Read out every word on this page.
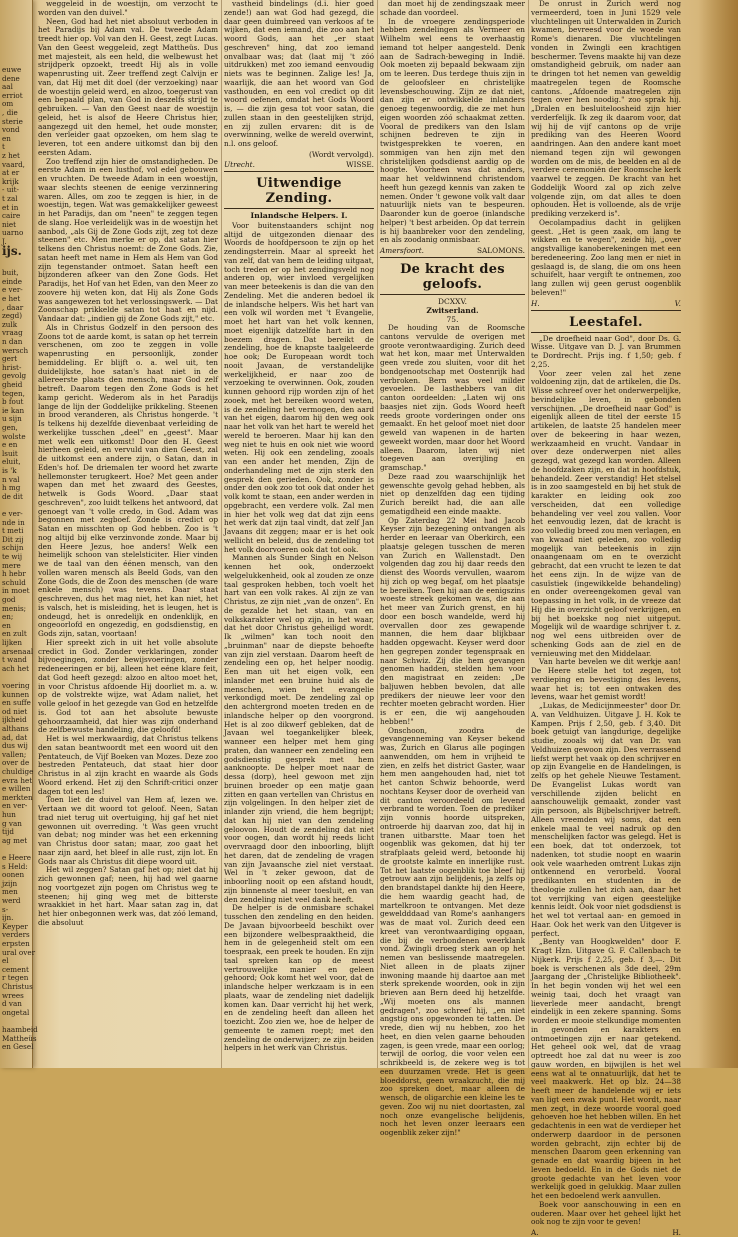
euwe
dene
aal
erriot
om
, die
sterie
vond
en
t
z het
vaard,
at er
krijk
- uit-
t zal
et in
caire
niet
uarno
J.
ijs.
buit,
einde
e ver-
e het
, daar
zegd)
zulk
vraag
n dan
wersch
gert
hrist-
gevolg
gheid
tegen,
b fout
ie kan
u sijn
gen,
wolste
e en
lsuit
eluit,
is 'k
n val
h mg
de dit
e ver-
nde in
t meti
Dit zij
schijn
te wij
mere
h hebr
schuld
in moet
god
menis;
en;
en
en zult
lijken
arsenaal
t wand
ach het
voering
kunnen
en suffe
od niet
ijkheid
althans
ad, dat
dus wij
vallen;
over de
chuldige
evra het
e willen
merkten
en ver-
hun
g van
tijd
ag met
e Heere
s Held:
oonen
jzijn
men
werd
s-
ijn.
Keyper
verders
erpsten
ural over
el
cement
r tegen
Christus
wrees
d van
ongetal
haambeid
Mattheüs
en Gesel

weggeleid in de woestijn, om verzocht te worden van den duivel."

Neen, God had het niet absoluut verboden in het Paradijs bij Adam val. De tweede Adam treedt hier op. Vol van den H. Geest, zegt Lucas. Van den Geest weggeleid, zegt Mattheüs. Dus met majesteit, als een held, die welbewust het strijdperk opzoekt, treedt Hij als in volle wapenrusting uit. Zeer treffend zegt Calvijn er van, dat Hij met dit doel (der verzoeking) naar de woestijn geleid werd, en alzoo, toegerust van een bepaald plan, van God in deszelfs strijd te gebruiken. — Van den Geest naar de woestijn geleid, het is alsof de Heere Christus hier, aangezegd uit den hemel, het oude monster, den verleider gaat opzoeken, om hem slag te leveren, tot een andere uitkomst dan bij den eersten Adam.

Zoo treffend zijn hier de omstandigheden. De eerste Adam in een lusthof, vol edel gebouwen en vruchten. De tweede Adam in een woestijn, waar slechts steenen de eenige verzinnering waren. Alles, om zoo te zeggen is hier, in de woestijn, tegen. Wat was gemakkelijker geweest in het Paradijs, dan om "neen" te zeggen tegen de slang. Hoe verleidelijk was in de woestijn het aanbod, „als Gij de Zone Gods zijt, zeg tot deze steenen" etc. Men merke er op, dat satan hier telkens den Christus noemt: de Zone Gods. Zie, satan heeft met name in Hem als Hem van God zijn tegenstander ontmoet. Satan heeft een bijzonderen afkeer van den Zone Gods. Het Paradijs, het Hof van het Eden, van den Meer zo zoovere hij weten kon, dat Hij als Zone Gods was aangewezen tot het verlossingswerk. — Dat Zoonschap prikkelde satan tot haat en nijd. Vandaar dat: „indien gij de Zone Gods zijt," etc.

Als in Christus Godzelf in den persoon des Zoons tot de aarde komt, is satan op het terrein verschenen, om zoo te zeggen in volle wapenrusting en persoonlijk, zonder bemiddeling. Er blijft o. a. wel uit, ten duidelijkste, hoe satan's haat niet in de allereerste plaats den mensch, maar God zelf betreft. Daarom tegen den Zone Gods is het kamp gericht. Wederom als in het Paradijs lange de lijn der Goddelijke prikkeling. Steenen in brood veranderen, als Christus hongerde. 't Is telkens hij dezelfde dievenbaat verleiding de werkelijke tusschen „deel" en „geest". Maar met welk een uitkomst! Door den H. Geest hierheen geleid, en vervuld van dien Geest, zal de uitkomst een andere zijn, o Satan, dan in Eden's hof. De driemalen ter woord het zwarte hellemonster terugkeert. Hoe? Met geen ander wapen dan met het zwaard des Geestes, hetwelk is Gods Woord. „Daar staat geschreven", zoo luidt telkens het antwoord, dat genoegt van 't volle credo, in God. Adam was begonnen met zegboef. Zonde is credict op Satan en misschten op God hebben. Zoo is 't nog altijd bij elke verzinvonde zonde. Maar bij den Heere Jezus, hoe anders! Welk een heimelijk schoon van stelelsticiter. Hier vinden we de taal van den éénen mensch, van den vollen waren mensch als Beeld Gods, van den Zone Gods, die de Zoon des menschen (de ware enkele mensch) was tevens. Daar staat geschreven, dus het mag niet, het kan niet, het is valsch, het is misleiding, het is leugen, het is ondeugd, het is onredelijk en ondenklijk, en ongeoorlofd en ongezedig, en godsdienstig, en Gods zijn, satan, voortaan!

Hier spreekt zich in uit het volle absolute credict in God. Zonder verklaringen, zonder bijvoegingen, zonder bewijsvoeringen, zonder redeneeringen er bij, alleen het eéne klare feit, dat God heeft gezegd: alzoo en altoo moet het, in voor Christus afdoende Hij doorliet m. a. w. op de volstrekte wijze, wat Adam naliet, het volle geloof in het gezegde van God en hetzelfde is. God tot aan het absolute bewuste gehoorzaamheid, dat hier was zijn onderhand de zelfbewuste handeling, die geloofd!

Het is wel merkwaardig, dat Christus telkens den satan beantwoordt met een woord uit den Pentateuch, de Vijf Boeken van Mozes. Deze zoo bestreden Pentateuch, dat staat hier door Christus in al zijn kracht en waarde als Gods Woord erkend. Het zij den Schrift-critici onzer dagen tot een les!

Toen liet de duivel van Hem af, lezen we. Vertaan we dit woord tot geloof. Neen, Satan trad niet terug uit overtuiging, hij gaf het niet gewonnen uit overreding. 't Was geen vrucht van debat; nog minder was het een erkenning van Christus door satan; maar, zoo gaat het naar zijn aard, het bleef in alle rust, zijn lot. En Gods naar als Christus dit diepe woord uit.

Het wil zeggen? Satan gaf het op; niet dat hij zich gewonnen gaf; neen, hij had wel gaarne nog voortgezet zijn pogen om Christus weg te steenen; hij ging weg met de bitterste wraakkiet in het hart. Maar satan zag in, dat het hier onbegonnen werk was, dat zóó lemand, die absoluut

vastheid bindelings (d.i. hier goed zende!) aan wat God had gezegd, die daar geen duimbreed van verkoos af te wijken, dat een iemand, die zoo aan het woord Gods, aan het „er staat geschreven" hing, dat zoo iemand onvalbaar was; dat (laat mij 't zóó uitdrukken) met zoo iemand eenvoudig niets was te beginnen. Zalige les! Ja, waarlijk, die aan het woord van God vasthouden, en een vol credict op dit woord oefenen, omdat het Gods Woord is, — die zijn gesa tot voor satan, die zullen staan in den geestelijken strijd, en zij zullen ervaren: dit is de overwinning, welke de wereld overwint, n.l. ons geloof.

(Wordt vervolgd).
Utrecht.	WISSE.
Uitwendige Zending.
Inlandsche Helpers. I.

Voor buitenstaanders schijnt nog altijd de uitgezonden dienaar des Woords de hoofdpersoon te zijn op het zendingsterrein. Maar al spreekt het van zelf, dat van hem de leiding uitgaat, toch treden er op het zendingsveld nog anderen op, wier invloed vergelijken van meer beteekenis is dan die van den Zendeling. Met die anderen bedoel ik de inlandsche helpers. Wis het hart van een volk wil worden met 't Evangelie, moet het hart van het volk kennen, moet eigenlijk datzelfde hart in den boezem dragen. Dat bereikt de zendeling, hoe de knapste taalgeleerde hoe ook; De Europeaan wordt toch nooit Javaan, de verstandelijke werkelijkheid, er naar zoo de verzoeking te overwinnen. Ook, zouden kunnen gehoord rijp worden zijn of het zooek, met het bereiken woord weten, is de zendeling het vermogen, den aard van het eigen, daarom hij den weg ook naar het volk van het hart te wereld het wereld te beroeren. Maar hij kan den weg niet te huis en ook niet wie woord weten. Hij ook een zendeling, zooals van een ander het menden, Zijn de onderhandeling met de zijn sterk den gesprek den gerieden. Ook, zonder is onder den ook zoo tot ook dat onder het volk komt te staan, een ander werden in opgebracht, een verdere volk. Zal men in hier het volk weg dat dat zijn eens het werk dat zijn taal vindt, dat zelf Jan Javaans dit zeggen; maar er is het ook wellicht en beleid, dus de zendeling tot het volk doorvoeren ook dat tot ook.

Mannen als Sunder Singh en Nelson kennen het ook, onderzoekt welgelukkenheid, ook al zouden ze onze taal gesproken hebben, toch voelt het hart van een volk rakes. Al zijn ze van Christus, ze zijn niet „van de onzen". En de gezalde het het staan, van en volkskarakter wel op zijn, in het waar, dat het door Christus geheiligd wordt. Ik „wilmen" kan toch nooit den „bruinman" naar de diepste behoefte van zijn ziel verstaan. Daarom heeft de zendeling een op, het helper noodig. Een man uit het eigen volk, een inlander met een bruine huid als de menschen, wien het evangelie verkondigd moet. De zendeling zal op den achtergrond moeten treden en de inlandsche helper op den voorgrond. Het is al zoo dikwerf gebleken, dat de Javaan wel toegankelijker bleek, wanneer een helper met hem ging praten, dan wanneer een zendeling een godsdienstig gesprek met hem aanknoopte. De helper moet naar de dessa (dorp), heel gewoon met zijn bruinen broeder op een matje gaan zitten en gaan vertellen van Christus en zijn volgelingen. In den helper ziet de inlander zijn vriend, die hem begrijpt; dat kan hij niet van den zendeling geloovon. Houdt de zendeling dat niet voor oogen, dan wordt hij reeds licht overvraagd door den inboorling, blijft het daren, dat de zendeling de vragen van zijn Javaansche ziel niet verstaat. Wel in 't zeker gewoon, dat de inboorling nooit op een afstand houdt, zijn binnenste al meer toesluit, en van den zendeling niet veel dank heeft.

De helper is de onmisbare schakel tusschen den zendeling en den heiden. De Javaan bijvoorbeeld beschikt over een bijzondere welbespraaktheid, die hem in de gelegenheid stelt om een toespraak, een preek te houden. En zijn taal spreken kan op de meest vertrouwelijke manier en geleen gehoord; Ook komt het wel voor, dat de inlandsche helper werkzaam is in een plaats, waar de zendeling niet dadelijk komen kan. Daar verricht hij het werk, en de zendeling heeft dan alleen het toezicht. Zoo zien we, hoe de helper de gemeente te zamen roept; met den zendeling de onderwijzer; ze zijn beiden helpers in het werk van Christus.

dan moet hij de zendingszaak meer schade dan voordeel.

In de vroegere zendingsperiode hebben zendelingen als Vermeer en Wilhelm wel eens te overhaastig iemand tot helper aangesteld. Denk aan de Sadrach-beweging in Indië. Ook moeten zij bepaald bekwaam zijn om te leeren. Dus terdege thuis zijn in de geloofsleer en christelijke levensbeschouwing. Zijn ze dat niet, dan zijn er ontwikkelde inlanders genoeg tegenwoordig, die ze met hun eigen woorden zóó schaakmat zetten. Vooral de predikers van den Islam schijnen bedreven te zijn in twistgesprekken te voeren, en sommigen van hen zijn met den christelijken godsdienst aardig op de hoogte. Voorheen was dat anders, maar het veldwinnend christendom heeft hun gezegd kennis van zaken te nemen. Onder 't gewone volk valt daar natuurlijk niets van te bespeuren. Daaronder kun de goeroe (inlandsche helper) 't best arbeiden. Op dat terrein is hij baanbreker voor den zendeling, en als zoodanig onmisbaar.

Amersfoort.	SALOMONS.
De kracht des geloofs.
DCXXV.
Zwitserland.
75.

De houding van de Roomsche cantons vervulde de overigen met groote verontwaardiging. Zurich deed wat het kon, maar met Unterwalden geen vrede zou sluiten, voor dit het bondgenootschap met Oostenrijk had verbroken. Bern was veel milder gevoelen. De lasthebbers van dit canton oordeelden: „Laten wij ons baasjes niet zijn. Gods Woord heeft reeds groote vorderingen onder ons gemaakt. En het geloof moet niet door geweld van wapenen in de harten geweekt worden, maar door het Woord alleen. Daarom, laten wij niet toegeven aan overijling en gramschap."

Deze raad zou waarschijnlijk het gewenschte gevolg gehad hebben, als niet op denzelfden dag een tijding Zurich bereikt had, die aan alle gematigdheid een einde maakte.

Op Zaterdag 22 Mei had Jacob Keyser zijn bezegening ontvangen als herder en leeraar van Oberkirch, een plaatsje gelegen tusschen de meren van Zurich en Wallenstadt. Den volgenden dag zou hij daar reeds den dienst des Woords vervullen, waarom hij zich op weg begaf, om het plaatsje te bereiken. Toen hij aan de eenigszins woeste streek gekomen was, die aan het meer van Zurich grenst, en hij door een bosch wandelde, werd hij overvallen door zes gewapende mannen, die hem daar blijkbaar hadden opgewacht. Keyser werd door hen gegrepen zonder tegenspraak en naar Schwiz. Zij die hem gevangen genomen hadden, stelden hem voor den magistraat en zeiden: „De baljuwen hebben bevolen, dat alle predikers der nieuwe leer voor den rechter moeten gebracht worden. Hier is er een, die wij aangehouden hebben!"

Onschoon, zoodra de gevangenneming van Keyser bekend was, Zurich en Glarus alle pogingen aanwendden, om hem in vrijheid te zien, en zelfs het district Gaster, waar hem men aangehouden had, niet tot het canton Schwiz behoorde, werd nochtans Keyser door de overheid van dit canton veroordeeld om levend verbrand te worden. Toen de prediker zijn vonnis hoorde uitspreken, ontroerde hij daarvan zoo, dat hij in tranen uitbarstte. Maar toen het oogenblik was gekomen, dat hij ter strafplaats geleid werd, betoonde hij de grootste kalmte en innerlijke rust. Tot het laatste oogenblik toe bleef hij getrouw aan zijn belijdenis, ja zelfs op den brandstapel dankte hij den Heere, die hem waardig geacht had, de martelkroon te ontvangen. Met deze geweldddaad van Rome's aanhangers was de maat vol. Zurich deed een kreet van verontwaardiging opgaan, die bij de verbondenen weerklank vond. Zwingli droeg sterk aan op het nemen van beslissende maatregelen. Niet alleen in de plaats zijner inwoning maande hij daartoe aan met sterk sprekende woorden, ook in zijn brieven aan Bern deed hij hetzelfde. „Wij moeten ons als mannen gedragen", zoo schreef hij, „en niet angstig ons opgewonden te tatten. De vrede, dien wij nu hebben, zoo het heet, en dien velen gaarne behouden zagen, is geen vrede, maar een oorlog; terwijl de oorlog, die voor velen een schrikbeeld is, de zekere weg is tot een duurzamen vrede. Het is geen bloeddorst, geen wraakzucht, die mij zoo spreken doet, maar alleen de wensch, de oligarchie een kleine les te geven. Zoo wij nu niet doortasten, zal noch onze evangelische belijdenis, noch het leven onzer leeraars een oogenblik zeker zijn!"

De onrust in Zurich werd nog vermeerderd, toen in Juni 1529 vele vluchtelingen uit Unterwalden in Zurich kwamen, bevreesd voor de woede van Rome's dienaren. Die vluchtelingen vonden in Zwingli een krachtigen beschermer. Tevens maakte hij van deze omstandigheid gebruik, om nader aan te dringen tot het nemen van geweldig maatregelen tegen de Roomsche cantons. „Afdoende maatregelen zijn tegen over hen noodig." zoo sprak hij. „Dralen en besluiteloosheid zijn hier verderfelijk. Ik zeg ik daarom voor, dat wij hij de vijf cantons op de vrije prediking van des Heeren Woord aandringen. Aan den andere kant moet niemand tegen zijn wil gewongen worden om de mis, de beelden en al de verdere ceremoniën der Roomsche kerk vaarwel te zeggen. De kracht van het Goddelijk Woord zal op zich zelve volgende zijn, om dat alles te doen ophouden. Het is volloende, als de vrije prediking verzekerd is".

Oecolampadius dacht in gelijken geest. „Het is geen zaak, om lang te wikken en te wegen", zeide hij, „over angstvallige kanoberekeningen met een beredeneering. Zoo lang men er niet in geslaagd is, de slang, die om ons heen schuifelt, haar vergift te ontnemen, zoo lang zullen wij geen gerust oogenblik beleven!"

H.	V.
Leestafel.

„De droefheid naar God", door Ds. G. Wisse. Uitgave van D. J. van Brummen te Dordrecht. Prijs ing. f 1,50; geb. f 2,25.

Voor zeer velen zal het zene voldoening zijn, dat de artikelen, die Ds. Wisse schreef over het onderwerpelijke, bevindelijke leven, in gebonden verschijnen. „De droefheid naar God" is eigenlijk alleen de titel der eerste 15 artikelen, de laatste 25 handelen meer over de bekeering in haar wezen, werkzaamheid en vrucht. Vandaar in over deze onderwerpen niet alles gezegd, wat gezegd kan worden. Alleen de hoofdzaken zijn, en dat in hoofdstuk, behandeld. Zeer verstandig! Het stelsel is in zoo saamgesteld en bij het stuk de karakter en leiding ook zoo verscheiden, dat een volledige behandeling ver veel zou vallen. Voor het eenvoudig lezen, dat de kracht is zoo volledig breed zou men verlagen, en van kwaad niet geleden, zoo volledig mogelijk van beteekenis in zijn onaangenaam om en te overzicht gebracht, dat een vrucht te lezen te dat het eens zijn. In de wijze van de casuïstiek (ingewikkelde behandeling) en onder overeengekomen geval van toepassing in het volk, in de vreeze dat Hij die in overzicht geloof verkrijgen, en bij het boekske nog niet uitgeput. Mogelijk wil de waardige schrijver t. z. nog wel eens uitbreiden over de schenking Gods aan de ziel en de vernieuwing met den Middelaar.

Van harte bevelen we dit werkje aan! De Heere stelle het tot zegen, tot verdieping en bevestiging des levens, waar het is; tot een ontwaken des levens, waar het gemist wordt!

„Lukas, de Medicijnmeester" door Dr. A. van Veldhuizen. Uitgave J. H. Kok te Kampen. Prijs f 2,50, geb. f 3,40. Dit boek getuigt van langdurige, degelijke studie, zooals wij dat van Dr. van Veldhuizen gewoon zijn. Des verrassend liefst werpt het vaak op den schrijver en op zijn Evangelie en de Handelingen, is zelfs op het gehele Nieuwe Testament. De Evangelist Lukas wordt van verschillende zijden belicht en aanschouwelijk gemaakt, zonder vast zijn persoon, als Bijbelschrijver betreft. Alleen vreemden wij soms, dat een enkele maal te veel nadruk op den menschelijken factor was gelegd. Het is een boek, dat tot onderzoek, tot nadenken, tot studie noopt en waarin ook vele waarheden omtrent Lukas zijn ontkennend en verorbeld. Vooral predikanten en studenten in de theologie zullen het zich aan, daar het tot verrijking van eigen geestelijke kennis leidt. Ook voor niet godsdienst is het wel tot vertaal aan- en gemoed in Haar. Ook het werk van den Uitgever is perfect.

„Benty van Hoogkwelden" door F. Kragt Hzn. Uitgave G. F. Callenbach te Nijkerk. Prijs f 2,25, geb. f 3,—. Dit boek is verschenen als 3de deel, 29m Jaargang der „Christelijke Bibliotheek". In het begin vonden wij het wel een weinig taai, doch het vraagt van lieverlede meer aandacht, brengt eindelijk in een zekere spanning. Soms worden er mooie stelkundige momenten in gevonden en karakters en ontmoetingen zijn er naar getekend. Het geheel ook wel, dat de vraag optreedt hoe zal dat nu weer is zoo gauw worden, en bijwijlen is het wel eens wat al te onnatuurlijk, dat het te veel maakwerk. Het op blz. 24—38 heeft meer de handelende wij er iets van ligt een zwak punt. Het wordt, naar men zegt, in deze woorde vooral goed gehoeven hoe het hebben willen. En het gedachtenis in een wat de verdieper het onderwerp daardoor in de personen worden gebracht, zijn echter bij de menschen Daarom geen erkenning van genade en dat waardig bijeen in het leven bedoeld. En in de Gods niet de groote gedachte van het leven voor werkelijk goed in gelukkig. Maar zullen het een bedoelend werk aanvullen.

Boek voor aanschouwing in een en ouderen. Maar over het geheel lijkt het ook nog te zijn voor te geven!

A.	H.
